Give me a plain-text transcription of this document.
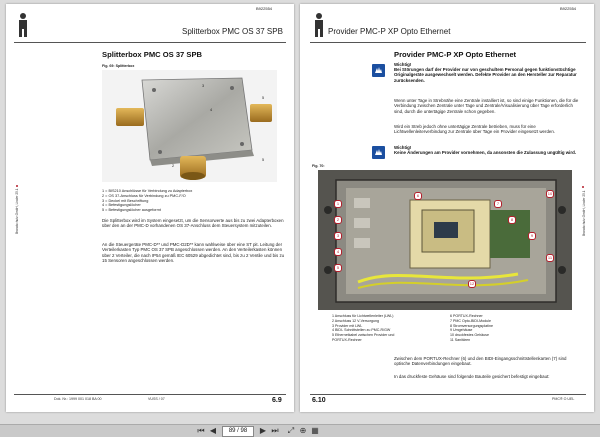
B922554
Splitterbox PMC OS 37 SPB
Brandschutz GmbH, Linder 25.1
Splitterbox PMC OS 37 SPB
Fig. 69: Splitterbox
3
4
5
2
5
1 = BIS210 Anschlüsse für Verbindung zu Adapterbox
2 = OS 37-Anschluss für Verbindung zu PMC-F/O
3 = Deckel mit Beschriftung
4 = Befestigungslöcher
5 = Befestigungslöcher ausgeformt
Die Splitterbox wird im System eingesetzt, um die Sensorwerte aus bis zu zwei Adapterboxen über den an der PMC-D vorhandenen OS 37-Anschluss dem Steuersystem mitzuteilen.
An die Steuergeräte PMC-D** und PMC-D2D** kann wahlweise über eine ST pit. Leitung der Verteilerkasten Typ PMC OS 37 SPB angeschlossen werden. An den Verteilerkasten können über 2 Verteiler, die nach IP54 gemäß IEC 60529 abgedichtet sind, bis zu 2 Ventile und bis zu 15 Sensoren angeschlossen werden.
Dok. Nr.: 1999 001 018 BA 00	VUSS / 07	6.9
B922554
Provider PMC-P XP Opto Ethernet
Brandschutz GmbH, Linder 25.1
Provider PMC-P XP Opto Ethernet
Wichtig!
Bei Störungen darf der Provider nur von geschultem Personal gegen funktionstüchtige Originalgeräte ausgewechselt werden. Defekte Provider an den Hersteller zur Reparatur zurücksenden.
Wenn unter Tage in Strebnähe eine Zentrale installiert ist, so sind einige Funktionen, die für die Verbindung zwischen Zentrale unter Tage und Zentrale/Visualisierung über Tage erforderlich sind, durch die untertägige Zentrale schon gegeben.
Wird ein Streb jedoch ohne untertägige Zentrale betrieben, muss für eine Lichtwellenleiterverbindung zur Zentrale über Tage ein Provider eingesetzt werden.
Wichtig!
Keine Änderungen am Provider vornehmen, da ansonsten die Zulassung ungültig wird.
Fig. 70:
1
2
3
4
5
6
7
8
9
10
11
12
1 Anschluss für Lichtwellenleiter (LWL)
2 Anschluss 12 V-Versorgung
3 Provider mit LWL
4 BIDI- Schnittstellen zu PMC-R/GW
5 Ethernetkabel zwischen Provider und
PORTUX-Rechner
6 PORTUX-Rechner
7 PMC Opto-BIDI-Module
8 Stromversorgungsplatine
9 Umgehäuse
10 druckfestes Gehäuse
11 Sanitären
Zwischen dem PORTUX-Rechner (6) und den BIDI-Eingangsschnittstellenkarten (7) sind optische Datenverbindungen eingebaut.
In das druckfeste Gehäuse sind folgende Bauteile gesichert befestigt eingebaut:
6.10	PMC® O UEL
⏮ ◀
89 / 98	▶ ⏭ ⤢ ⊕ ▦
